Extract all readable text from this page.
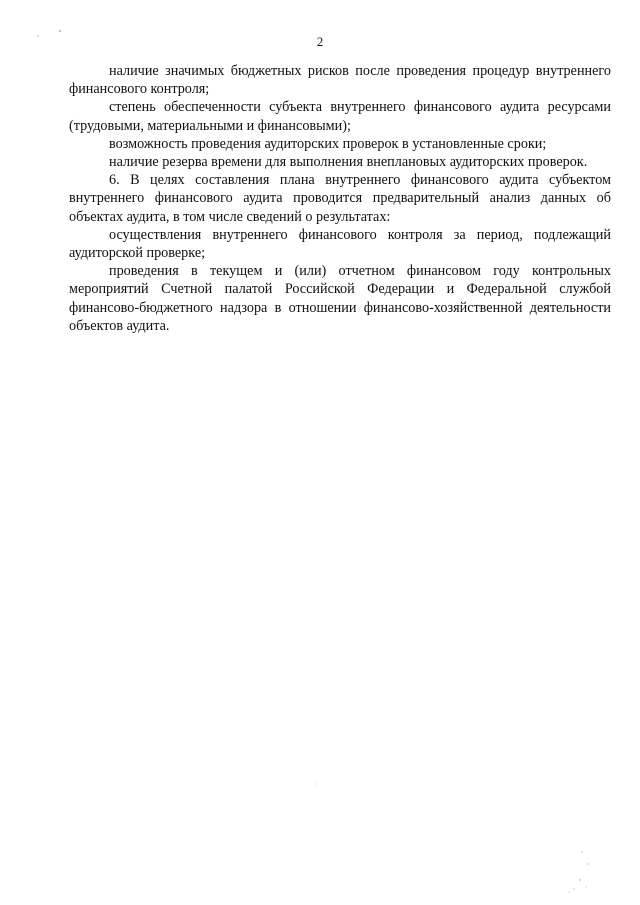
2

наличие значимых бюджетных рисков после проведения процедур внутреннего финансового контроля;

степень обеспеченности субъекта внутреннего финансового аудита ресурсами (трудовыми, материальными и финансовыми);

возможность проведения аудиторских проверок в установленные сроки;

наличие резерва времени для выполнения внеплановых аудиторских проверок.

6. В целях составления плана внутреннего финансового аудита субъектом внутреннего финансового аудита проводится предварительный анализ данных об объектах аудита, в том числе сведений о результатах:

осуществления внутреннего финансового контроля за период, подлежащий аудиторской проверке;

проведения в текущем и (или) отчетном финансовом году контрольных мероприятий Счетной палатой Российской Федерации и Федеральной службой финансово-бюджетного надзора в отношении финансово-хозяйственной деятельности объектов аудита.
